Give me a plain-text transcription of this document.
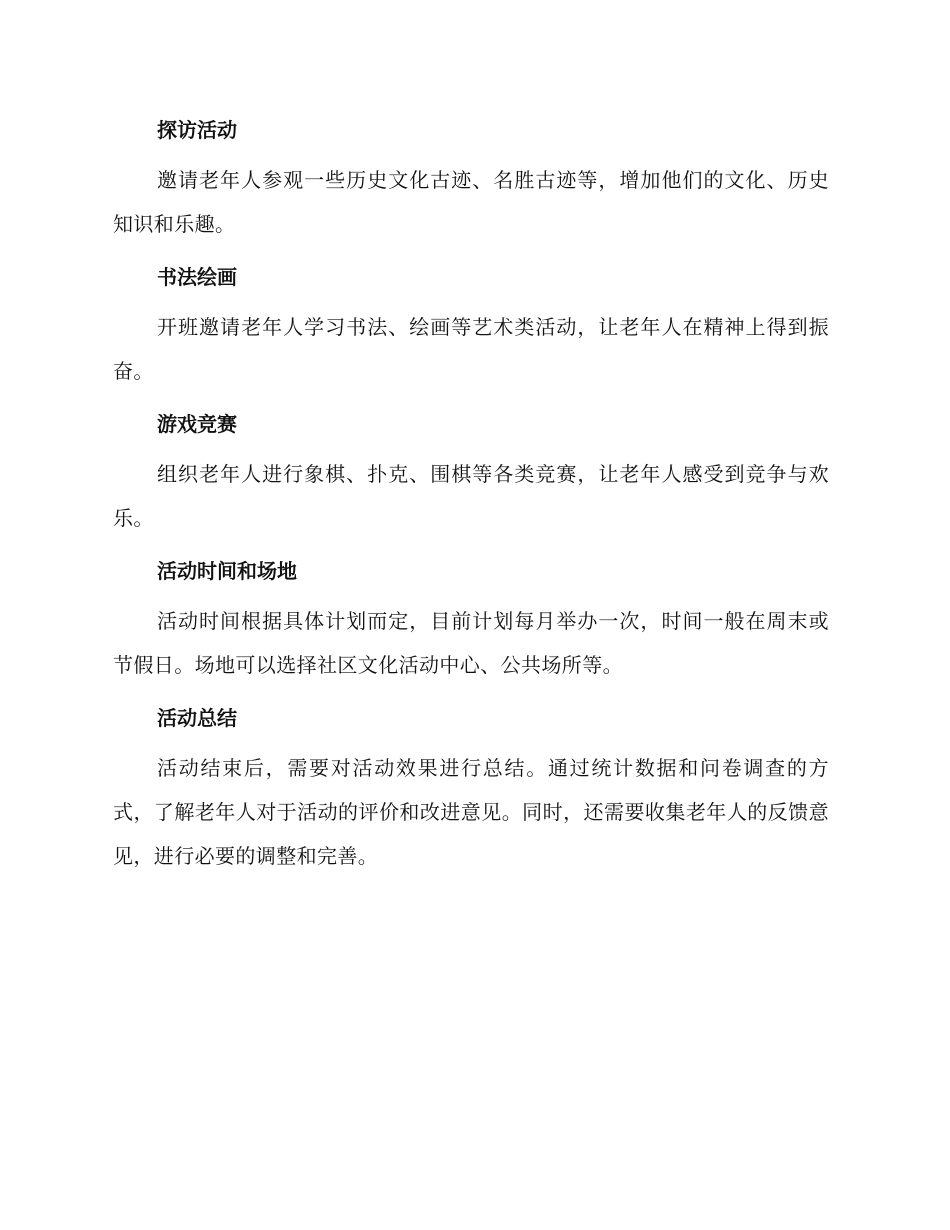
探访活动

邀请老年人参观一些历史文化古迹、名胜古迹等，增加他们的文化、历史知识和乐趣。

书法绘画

开班邀请老年人学习书法、绘画等艺术类活动，让老年人在精神上得到振奋。

游戏竞赛

组织老年人进行象棋、扑克、围棋等各类竞赛，让老年人感受到竞争与欢乐。

活动时间和场地

活动时间根据具体计划而定，目前计划每月举办一次，时间一般在周末或节假日。场地可以选择社区文化活动中心、公共场所等。

活动总结

活动结束后，需要对活动效果进行总结。通过统计数据和问卷调查的方式，了解老年人对于活动的评价和改进意见。同时，还需要收集老年人的反馈意见，进行必要的调整和完善。
